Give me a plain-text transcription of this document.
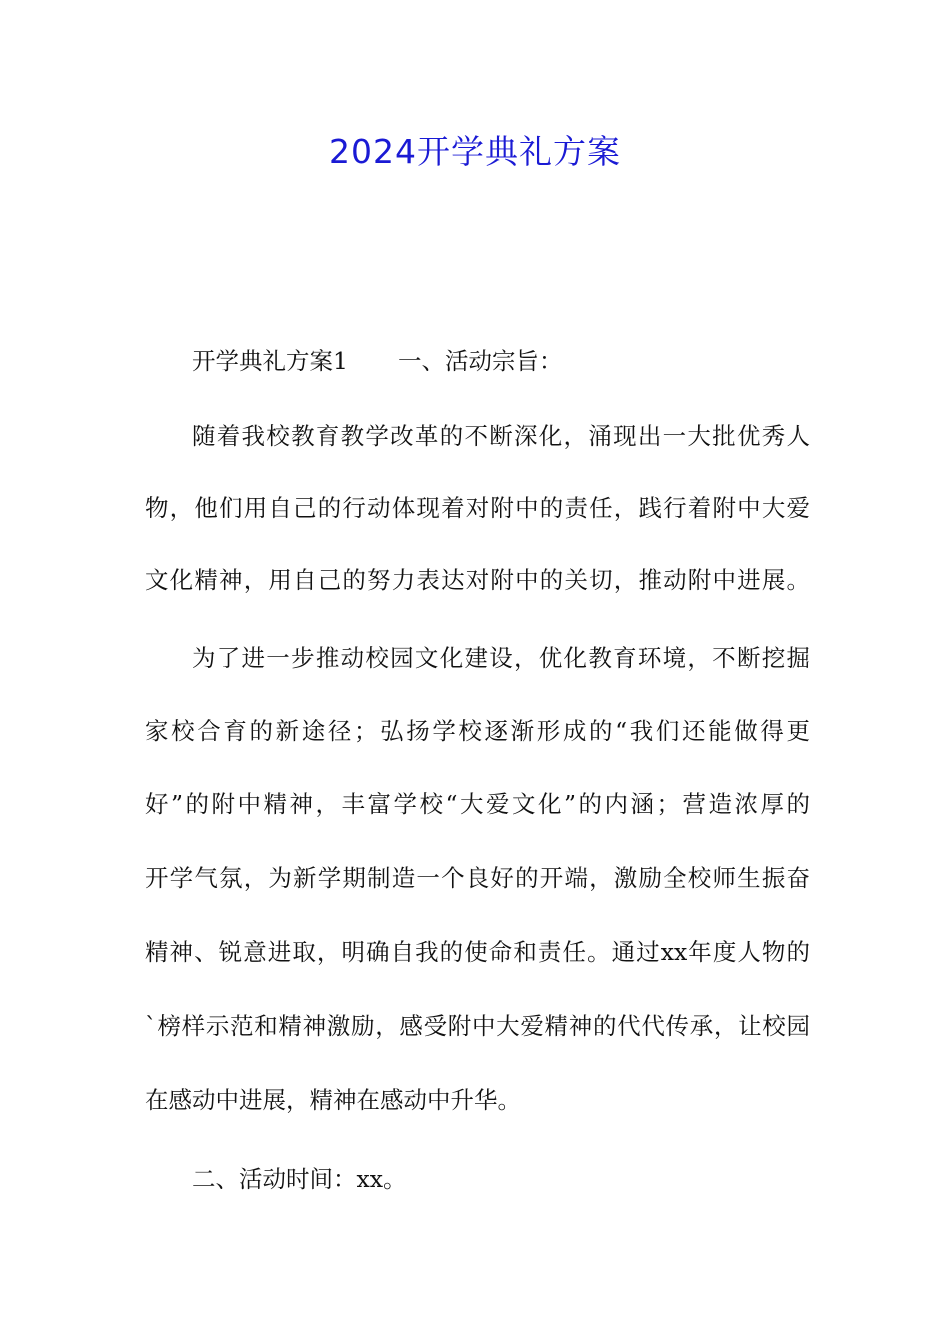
2024开学典礼方案
开学典礼方案1 一、活动宗旨：
随着我校教育教学改革的不断深化，涌现出一大批优秀人
物，他们用自己的行动体现着对附中的责任，践行着附中大爱
文化精神，用自己的努力表达对附中的关切，推动附中进展。
为了进一步推动校园文化建设，优化教育环境，不断挖掘
家校合育的新途径；弘扬学校逐渐形成的“我们还能做得更
好”的附中精神，丰富学校“大爱文化”的内涵；营造浓厚的
开学气氛，为新学期制造一个良好的开端，激励全校师生振奋
精神、锐意进取，明确自我的使命和责任。通过xx年度人物的
`榜样示范和精神激励，感受附中大爱精神的代代传承，让校园
在感动中进展，精神在感动中升华。
二、活动时间：xx。
